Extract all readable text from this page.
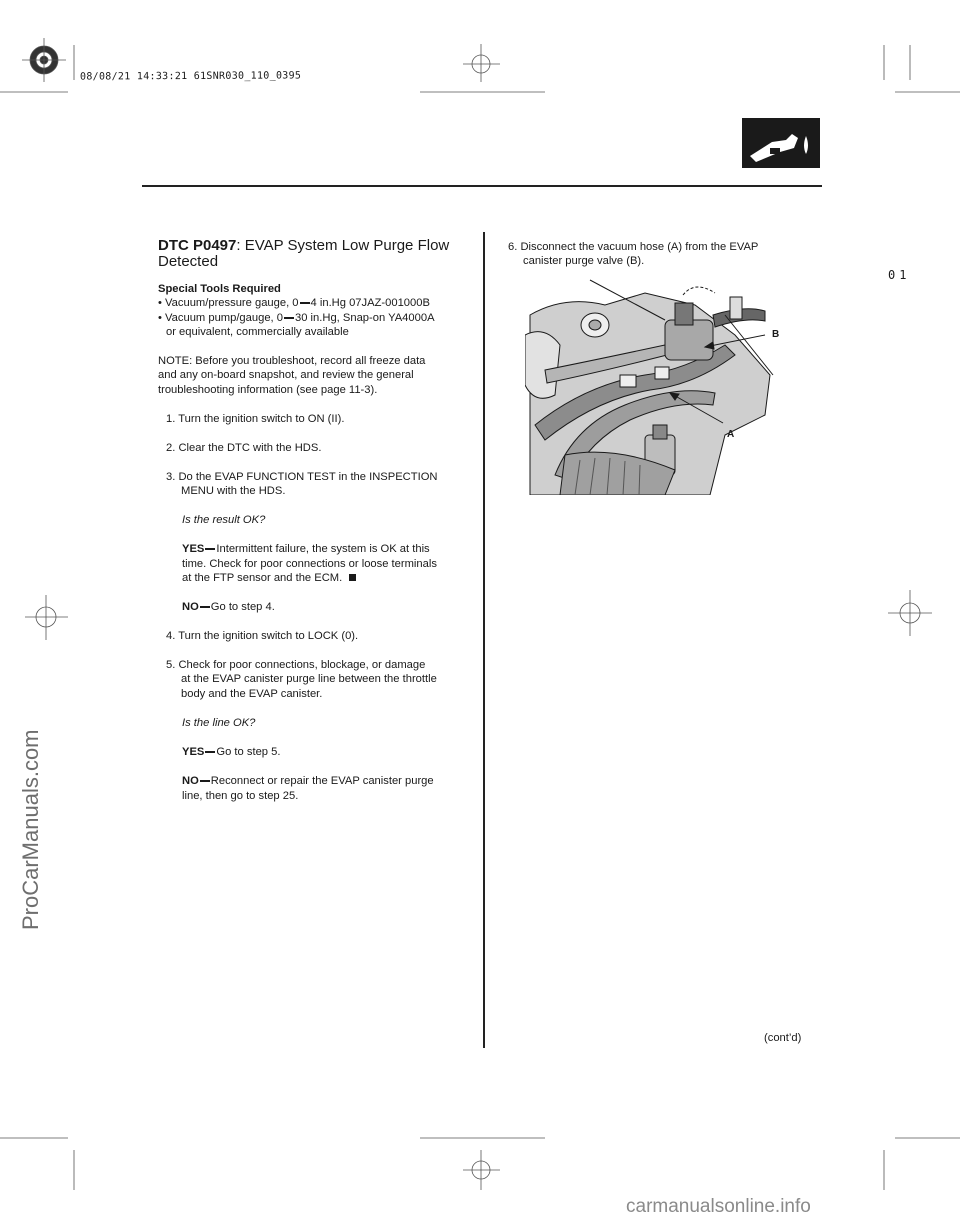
08/08/21 14:33:21 61SNR030_110_0395
01
DTC P0497: EVAP System Low Purge Flow
Detected
Special Tools Required
• Vacuum/pressure gauge, 0 4 in.Hg 07JAZ-001000B
• Vacuum pump/gauge, 0 30 in.Hg, Snap-on YA4000A
or equivalent, commercially available
NOTE: Before you troubleshoot, record all freeze data
and any on-board snapshot, and review the general
troubleshooting information (see page 11-3).
1. Turn the ignition switch to ON (II).
2. Clear the DTC with the HDS.
3. Do the EVAP FUNCTION TEST in the INSPECTION
MENU with the HDS.
Is the result OK?
YES Intermittent failure, the system is OK at this
time. Check for poor connections or loose terminals
at the FTP sensor and the ECM.
NO Go to step 4.
4. Turn the ignition switch to LOCK (0).
5. Check for poor connections, blockage, or damage
at the EVAP canister purge line between the throttle
body and the EVAP canister.
Is the line OK?
YES Go to step 5.
NO Reconnect or repair the EVAP canister purge
line, then go to step 25.
6. Disconnect the vacuum hose (A) from the EVAP
canister purge valve (B).
B
A
(cont’d)
ProCarManuals.com
carmanualsonline.info
